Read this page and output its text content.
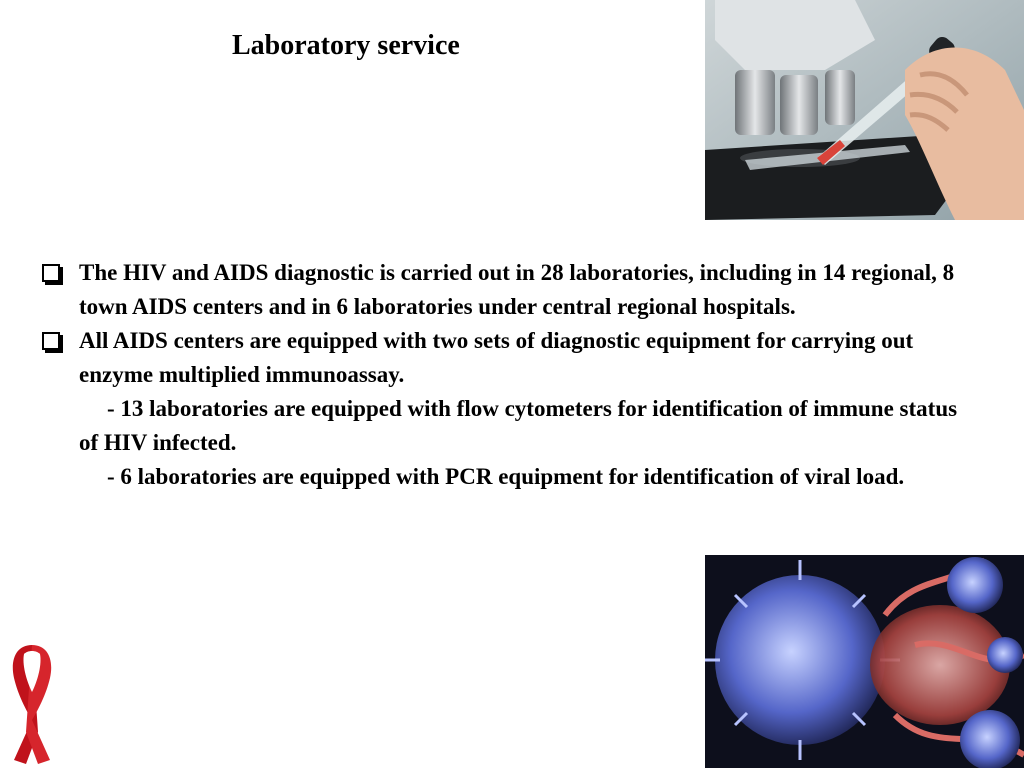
Laboratory service
The HIV and AIDS diagnostic is carried out in 28 laboratories, including in 14 regional, 8 town AIDS centers and in 6 laboratories under central regional hospitals.
All AIDS centers are equipped with two sets of diagnostic equipment for carrying out enzyme multiplied immunoassay.
- 13 laboratories are equipped with flow cytometers for identification of immune status of HIV infected.
- 6 laboratories are equipped with PCR equipment for identification of viral load.
